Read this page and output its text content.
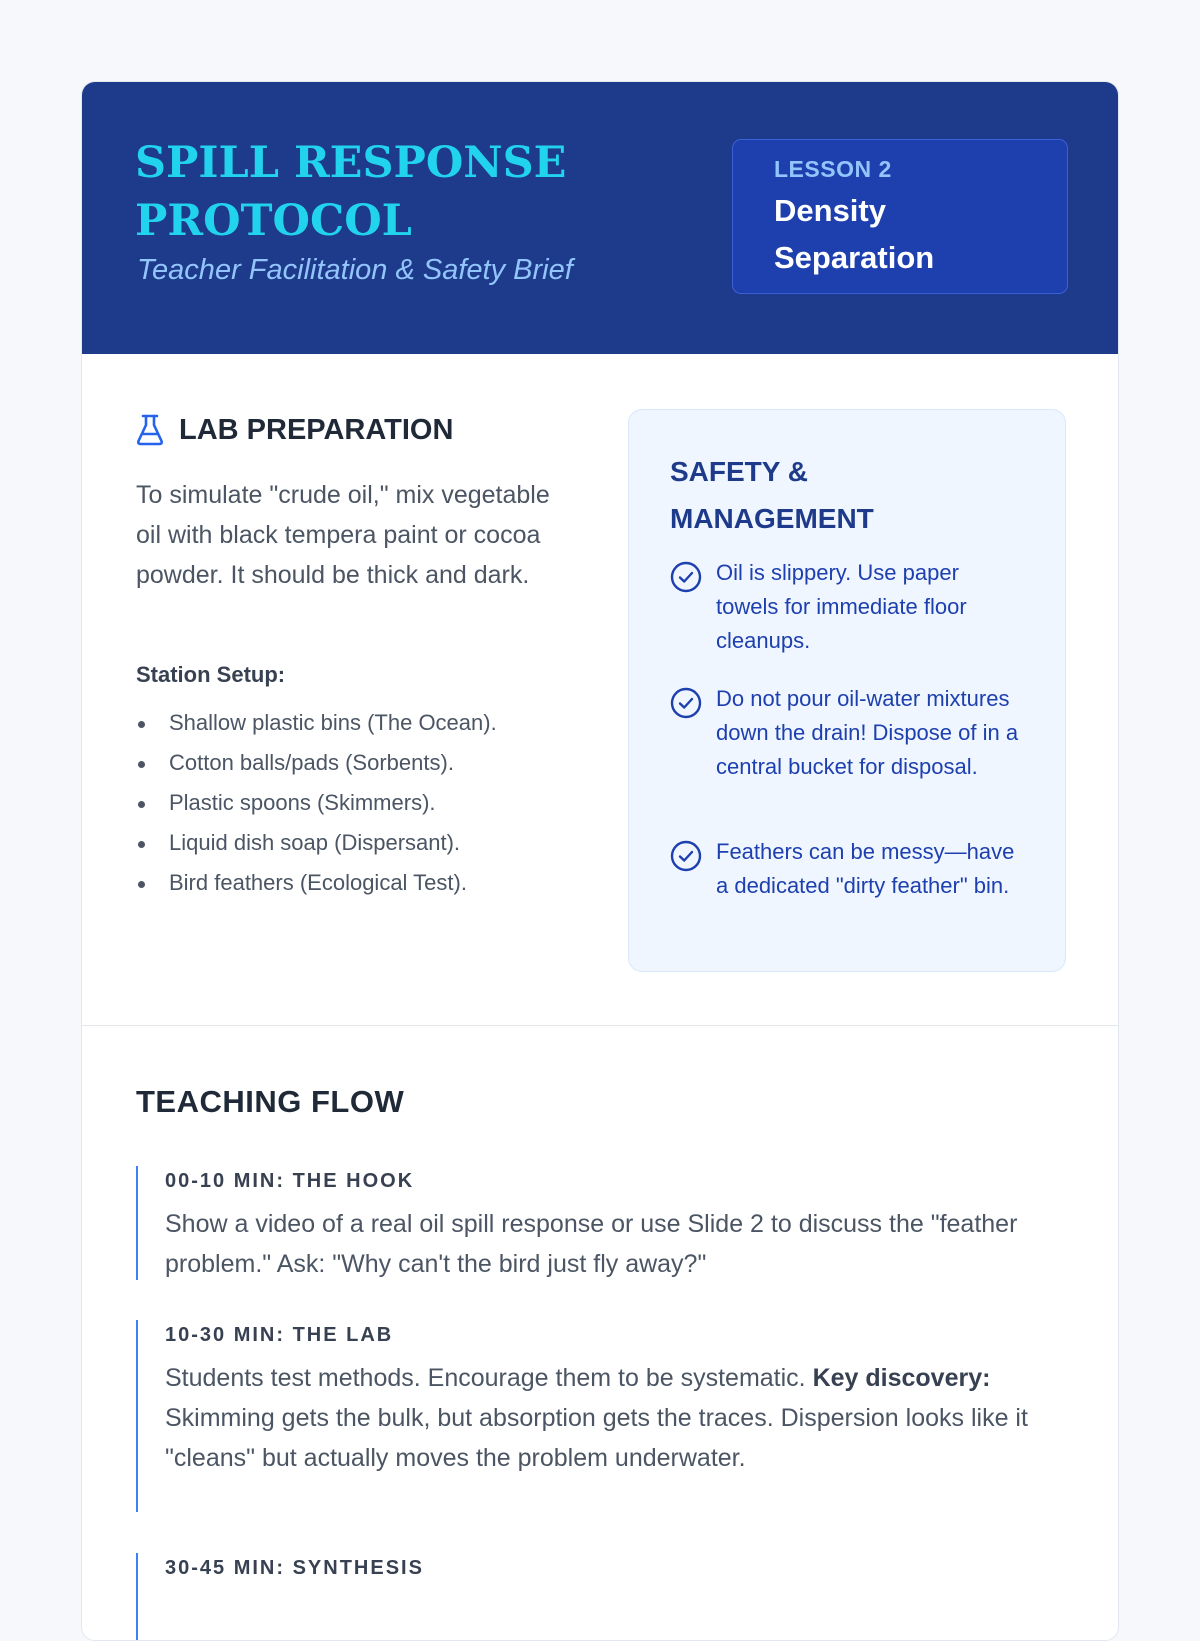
SPILL RESPONSE
PROTOCOL

Teacher Facilitation & Safety Brief

LESSON 2
Density Separation
LAB PREPARATION

To simulate "crude oil," mix vegetable oil with black tempera paint or cocoa powder. It should be thick and dark.

Station Setup:

Shallow plastic bins (The Ocean).
Cotton balls/pads (Sorbents).
Plastic spoons (Skimmers).
Liquid dish soap (Dispersant).
Bird feathers (Ecological Test).
SAFETY & MANAGEMENT
Oil is slippery. Use paper towels for immediate floor cleanups.
Do not pour oil-water mixtures down the drain! Dispose of in a central bucket for disposal.
Feathers can be messy—have a dedicated "dirty feather" bin.
TEACHING FLOW

00-10 MIN: THE HOOK

Show a video of a real oil spill response or use Slide 2 to discuss the "feather problem." Ask: "Why can't the bird just fly away?"

10-30 MIN: THE LAB

Students test methods. Encourage them to be systematic. Key discovery: Skimming gets the bulk, but absorption gets the traces. Dispersion looks like it "cleans" but actually moves the problem underwater.

30-45 MIN: SYNTHESIS
